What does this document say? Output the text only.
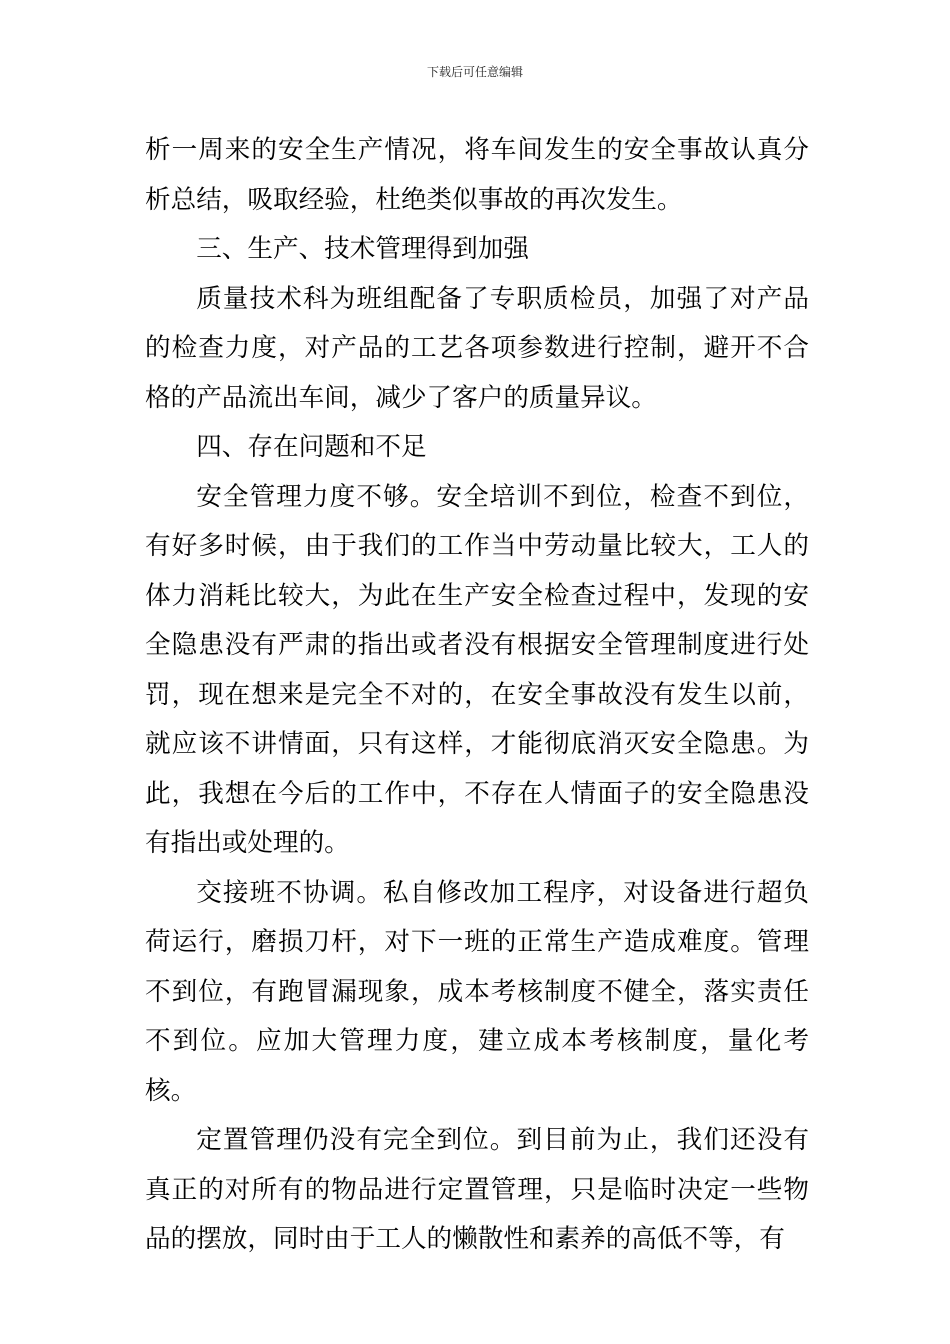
下载后可任意编辑

析一周来的安全生产情况，将车间发生的安全事故认真分析总结，吸取经验，杜绝类似事故的再次发生。

三、生产、技术管理得到加强

质量技术科为班组配备了专职质检员，加强了对产品的检查力度，对产品的工艺各项参数进行控制，避开不合格的产品流出车间，减少了客户的质量异议。

四、存在问题和不足

安全管理力度不够。安全培训不到位，检查不到位，有好多时候，由于我们的工作当中劳动量比较大，工人的体力消耗比较大，为此在生产安全检查过程中，发现的安全隐患没有严肃的指出或者没有根据安全管理制度进行处罚，现在想来是完全不对的，在安全事故没有发生以前，就应该不讲情面，只有这样，才能彻底消灭安全隐患。为此，我想在今后的工作中，不存在人情面子的安全隐患没有指出或处理的。

交接班不协调。私自修改加工程序，对设备进行超负荷运行，磨损刀杆，对下一班的正常生产造成难度。管理不到位，有跑冒漏现象，成本考核制度不健全，落实责任不到位。应加大管理力度，建立成本考核制度，量化考核。

定置管理仍没有完全到位。到目前为止，我们还没有真正的对所有的物品进行定置管理，只是临时决定一些物品的摆放，同时由于工人的懒散性和素养的高低不等，有
